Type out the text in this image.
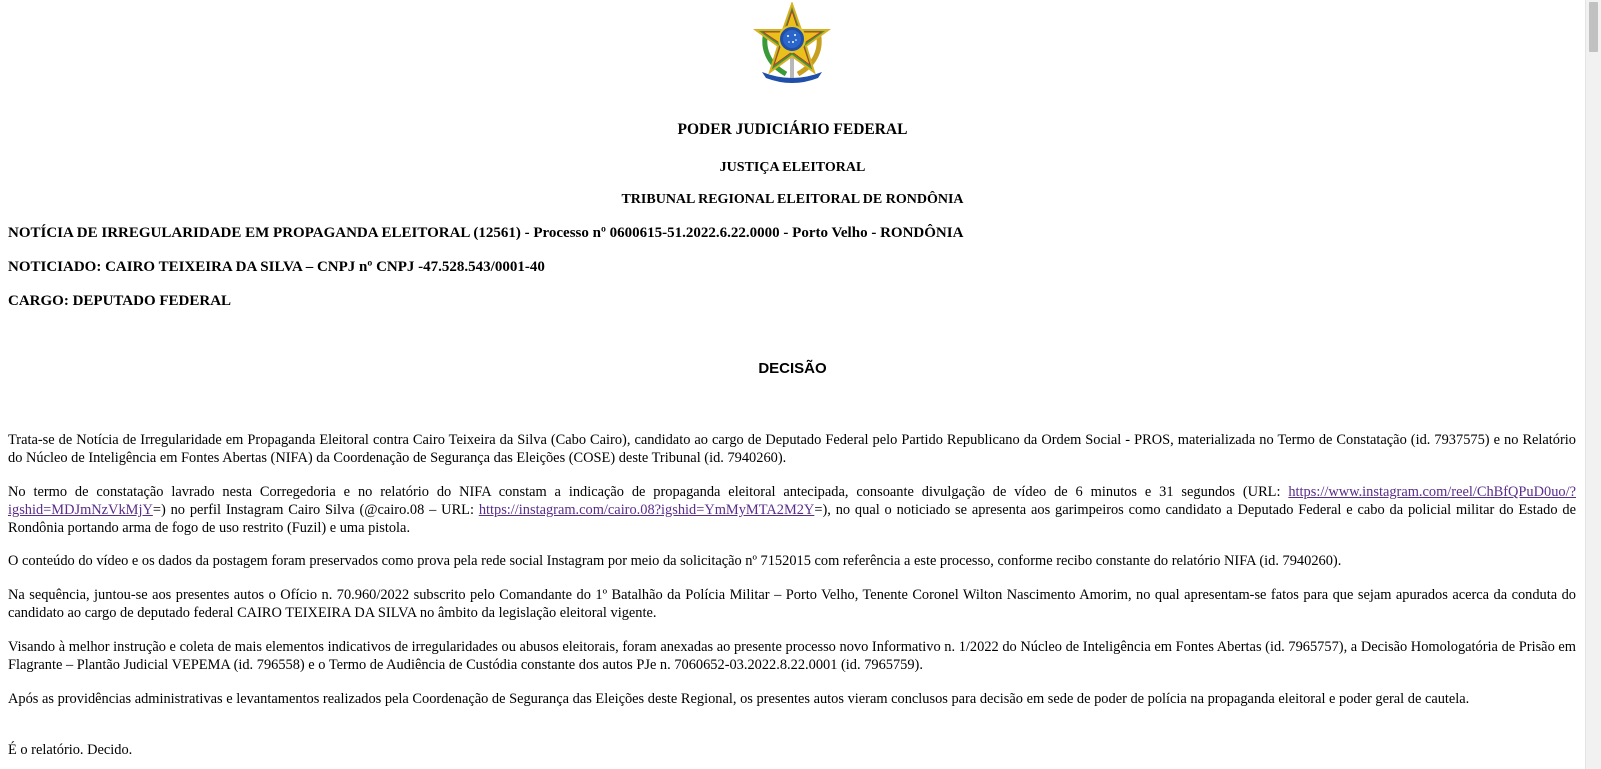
PODER JUDICIÁRIO FEDERAL
JUSTIÇA ELEITORAL
TRIBUNAL REGIONAL ELEITORAL DE RONDÔNIA
NOTÍCIA DE IRREGULARIDADE EM PROPAGANDA ELEITORAL (12561) - Processo nº 0600615-51.2022.6.22.0000 - Porto Velho - RONDÔNIA
NOTICIADO: CAIRO TEIXEIRA DA SILVA – CNPJ nº CNPJ -47.528.543/0001-40
CARGO: DEPUTADO FEDERAL
DECISÃO

Trata-se de Notícia de Irregularidade em Propaganda Eleitoral contra Cairo Teixeira da Silva (Cabo Cairo), candidato ao cargo de Deputado Federal pelo Partido Republicano da Ordem Social - PROS, materializada no Termo de Constatação (id. 7937575) e no Relatório do Núcleo de Inteligência em Fontes Abertas (NIFA) da Coordenação de Segurança das Eleições (COSE) deste Tribunal (id. 7940260).

No termo de constatação lavrado nesta Corregedoria e no relatório do NIFA constam a indicação de propaganda eleitoral antecipada, consoante divulgação de vídeo de 6 minutos e 31 segundos (URL: https://www.instagram.com/reel/ChBfQPuD0uo/?igshid=MDJmNzVkMjY=) no perfil Instagram Cairo Silva (@cairo.08 – URL: https://instagram.com/cairo.08?igshid=YmMyMTA2M2Y=), no qual o noticiado se apresenta aos garimpeiros como candidato a Deputado Federal e cabo da policial militar do Estado de Rondônia portando arma de fogo de uso restrito (Fuzil) e uma pistola.

O conteúdo do vídeo e os dados da postagem foram preservados como prova pela rede social Instagram por meio da solicitação nº 7152015 com referência a este processo, conforme recibo constante do relatório NIFA (id. 7940260).

Na sequência, juntou-se aos presentes autos o Ofício n. 70.960/2022 subscrito pelo Comandante do 1º Batalhão da Polícia Militar – Porto Velho, Tenente Coronel Wilton Nascimento Amorim, no qual apresentam-se fatos para que sejam apurados acerca da conduta do candidato ao cargo de deputado federal CAIRO TEIXEIRA DA SILVA no âmbito da legislação eleitoral vigente.

Visando à melhor instrução e coleta de mais elementos indicativos de irregularidades ou abusos eleitorais, foram anexadas ao presente processo novo Informativo n. 1/2022 do Núcleo de Inteligência em Fontes Abertas (id. 7965757), a Decisão Homologatória de Prisão em Flagrante – Plantão Judicial VEPEMA (id. 796558) e o Termo de Audiência de Custódia constante dos autos PJe n. 7060652-03.2022.8.22.0001 (id. 7965759).

Após as providências administrativas e levantamentos realizados pela Coordenação de Segurança das Eleições deste Regional, os presentes autos vieram conclusos para decisão em sede de poder de polícia na propaganda eleitoral e poder geral de cautela.

É o relatório. Decido.
